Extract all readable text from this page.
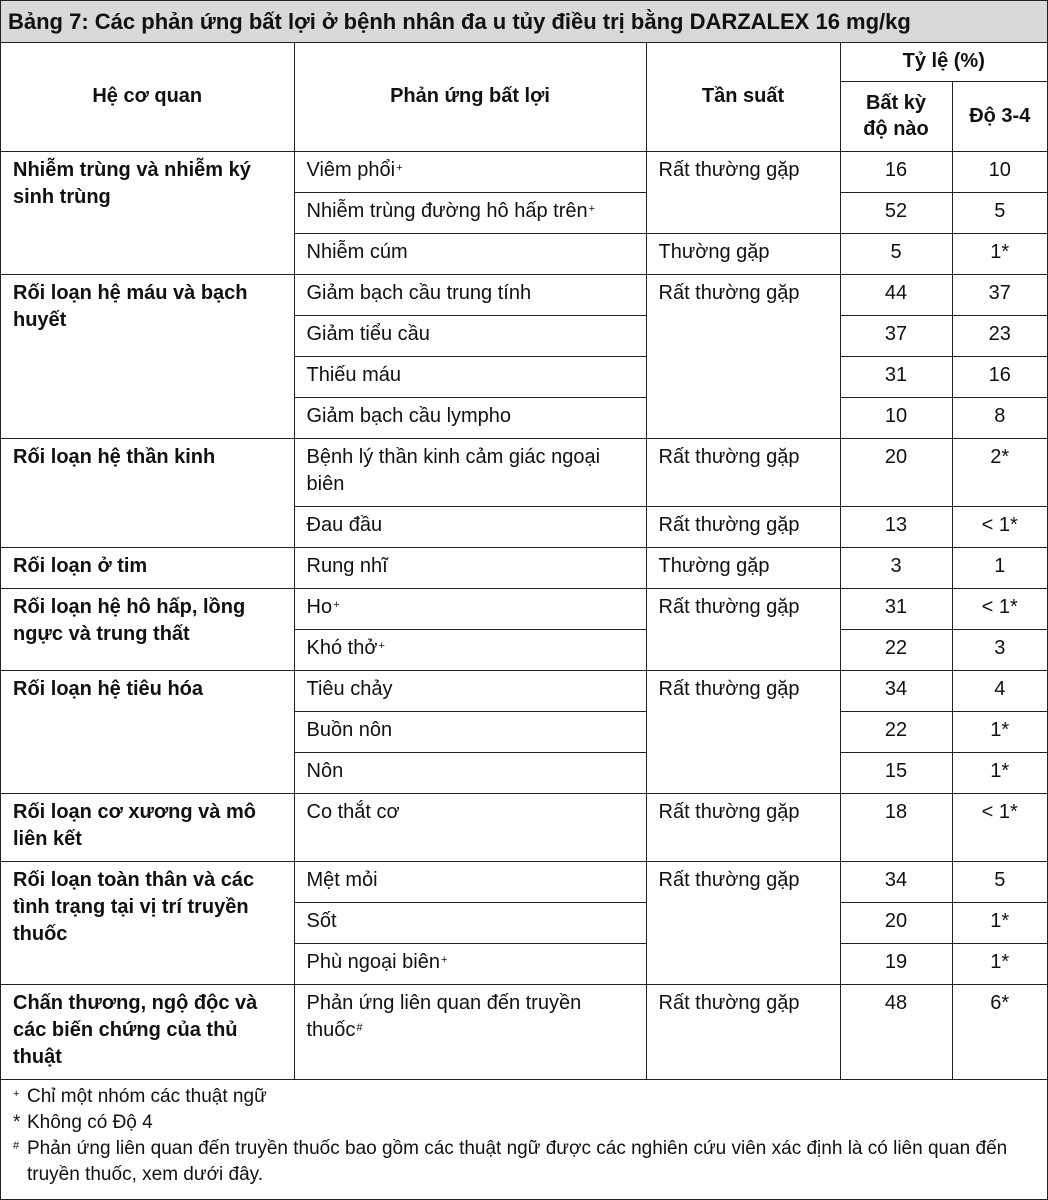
Bảng 7: Các phản ứng bất lợi ở bệnh nhân đa u tủy điều trị bằng DARZALEX 16 mg/kg
Hệ cơ quan	Phản ứng bất lợi	Tần suất	Tỷ lệ (%)	
			Bất kỳ độ nào	Độ 3-4
Nhiễm trùng và nhiễm ký sinh trùng	Viêm phổi+	Rất thường gặp	16	10
	Nhiễm trùng đường hô hấp trên+		52	5
	Nhiễm cúm	Thường gặp	5	1*
Rối loạn hệ máu và bạch huyết	Giảm bạch cầu trung tính	Rất thường gặp	44	37
	Giảm tiểu cầu		37	23
	Thiếu máu		31	16
	Giảm bạch cầu lympho		10	8
Rối loạn hệ thần kinh	Bệnh lý thần kinh cảm giác ngoại biên	Rất thường gặp	20	2*
	Đau đầu	Rất thường gặp	13	< 1*
Rối loạn ở tim	Rung nhĩ	Thường gặp	3	1
Rối loạn hệ hô hấp, lồng ngực và trung thất	Ho+	Rất thường gặp	31	< 1*
	Khó thở+		22	3
Rối loạn hệ tiêu hóa	Tiêu chảy	Rất thường gặp	34	4
	Buồn nôn		22	1*
	Nôn		15	1*
Rối loạn cơ xương và mô liên kết	Co thắt cơ	Rất thường gặp	18	< 1*
Rối loạn toàn thân và các tình trạng tại vị trí truyền thuốc	Mệt mỏi	Rất thường gặp	34	5
	Sốt		20	1*
	Phù ngoại biên+		19	1*
Chấn thương, ngộ độc và các biến chứng của thủ thuật	Phản ứng liên quan đến truyền thuốc#	Rất thường gặp	48	6*
+ Chỉ một nhóm các thuật ngữ
* Không có Độ 4
# Phản ứng liên quan đến truyền thuốc bao gồm các thuật ngữ được các nghiên cứu viên xác định là có liên quan đến truyền thuốc, xem dưới đây.
